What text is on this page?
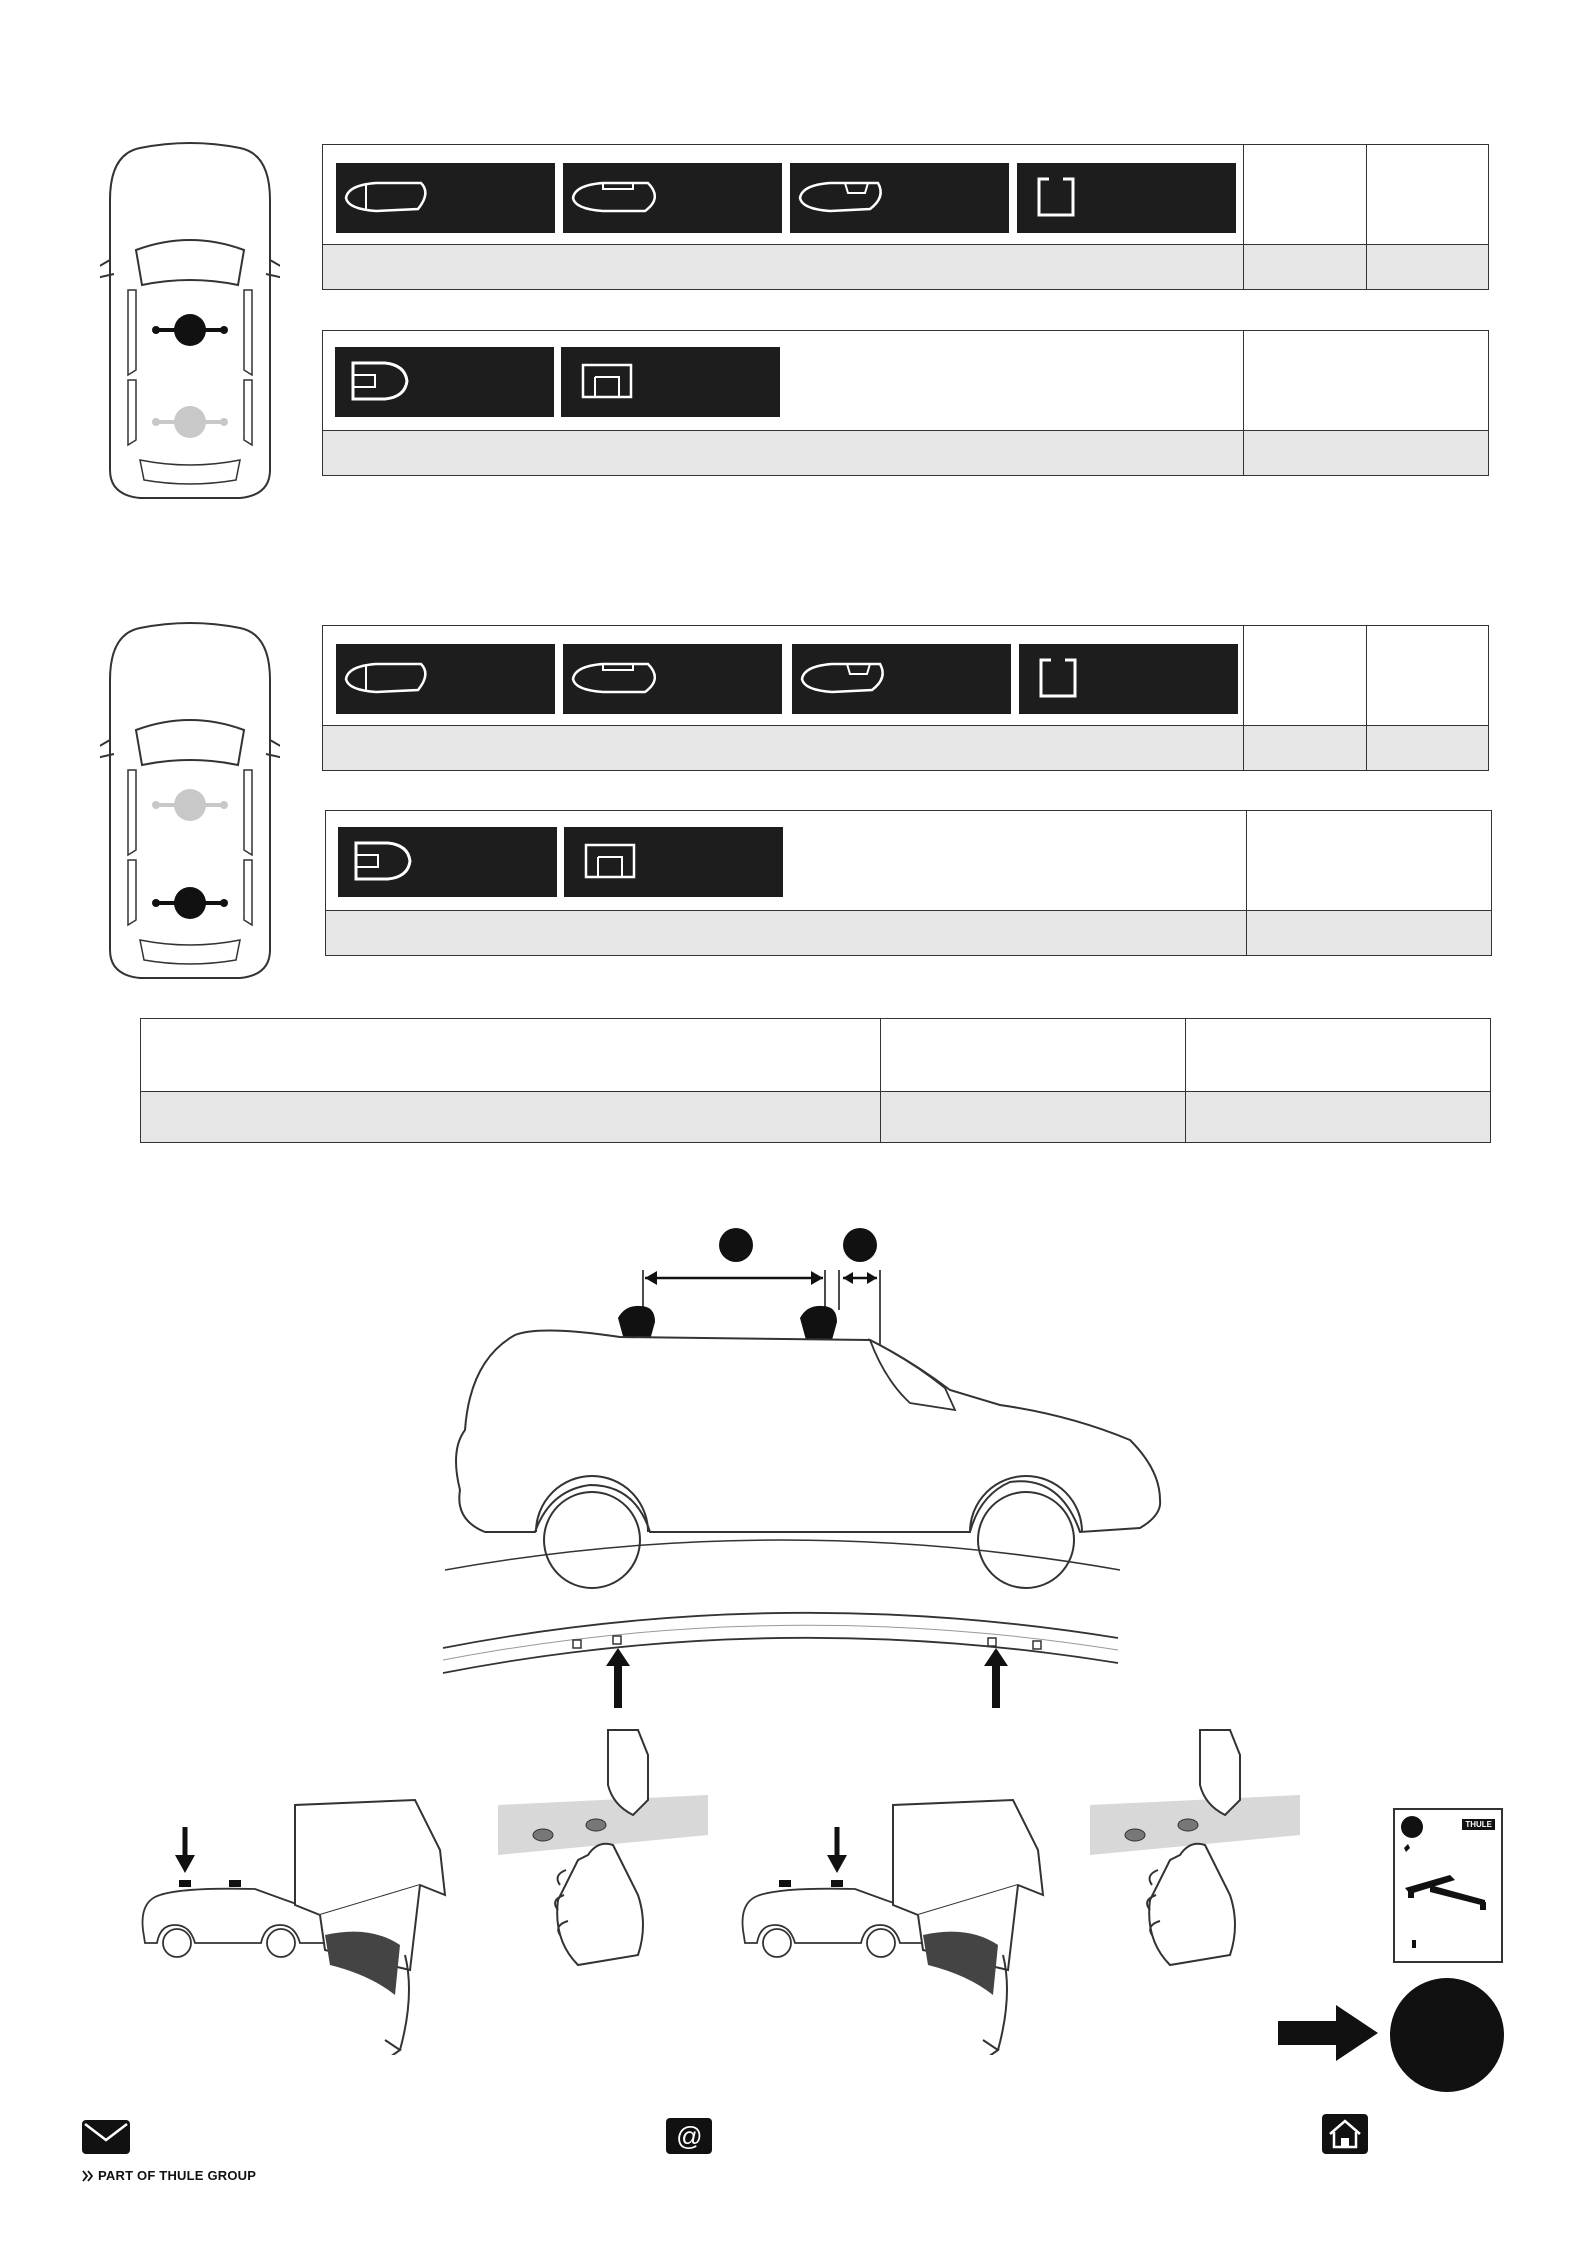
THULE
PART OF THULE GROUP
@
